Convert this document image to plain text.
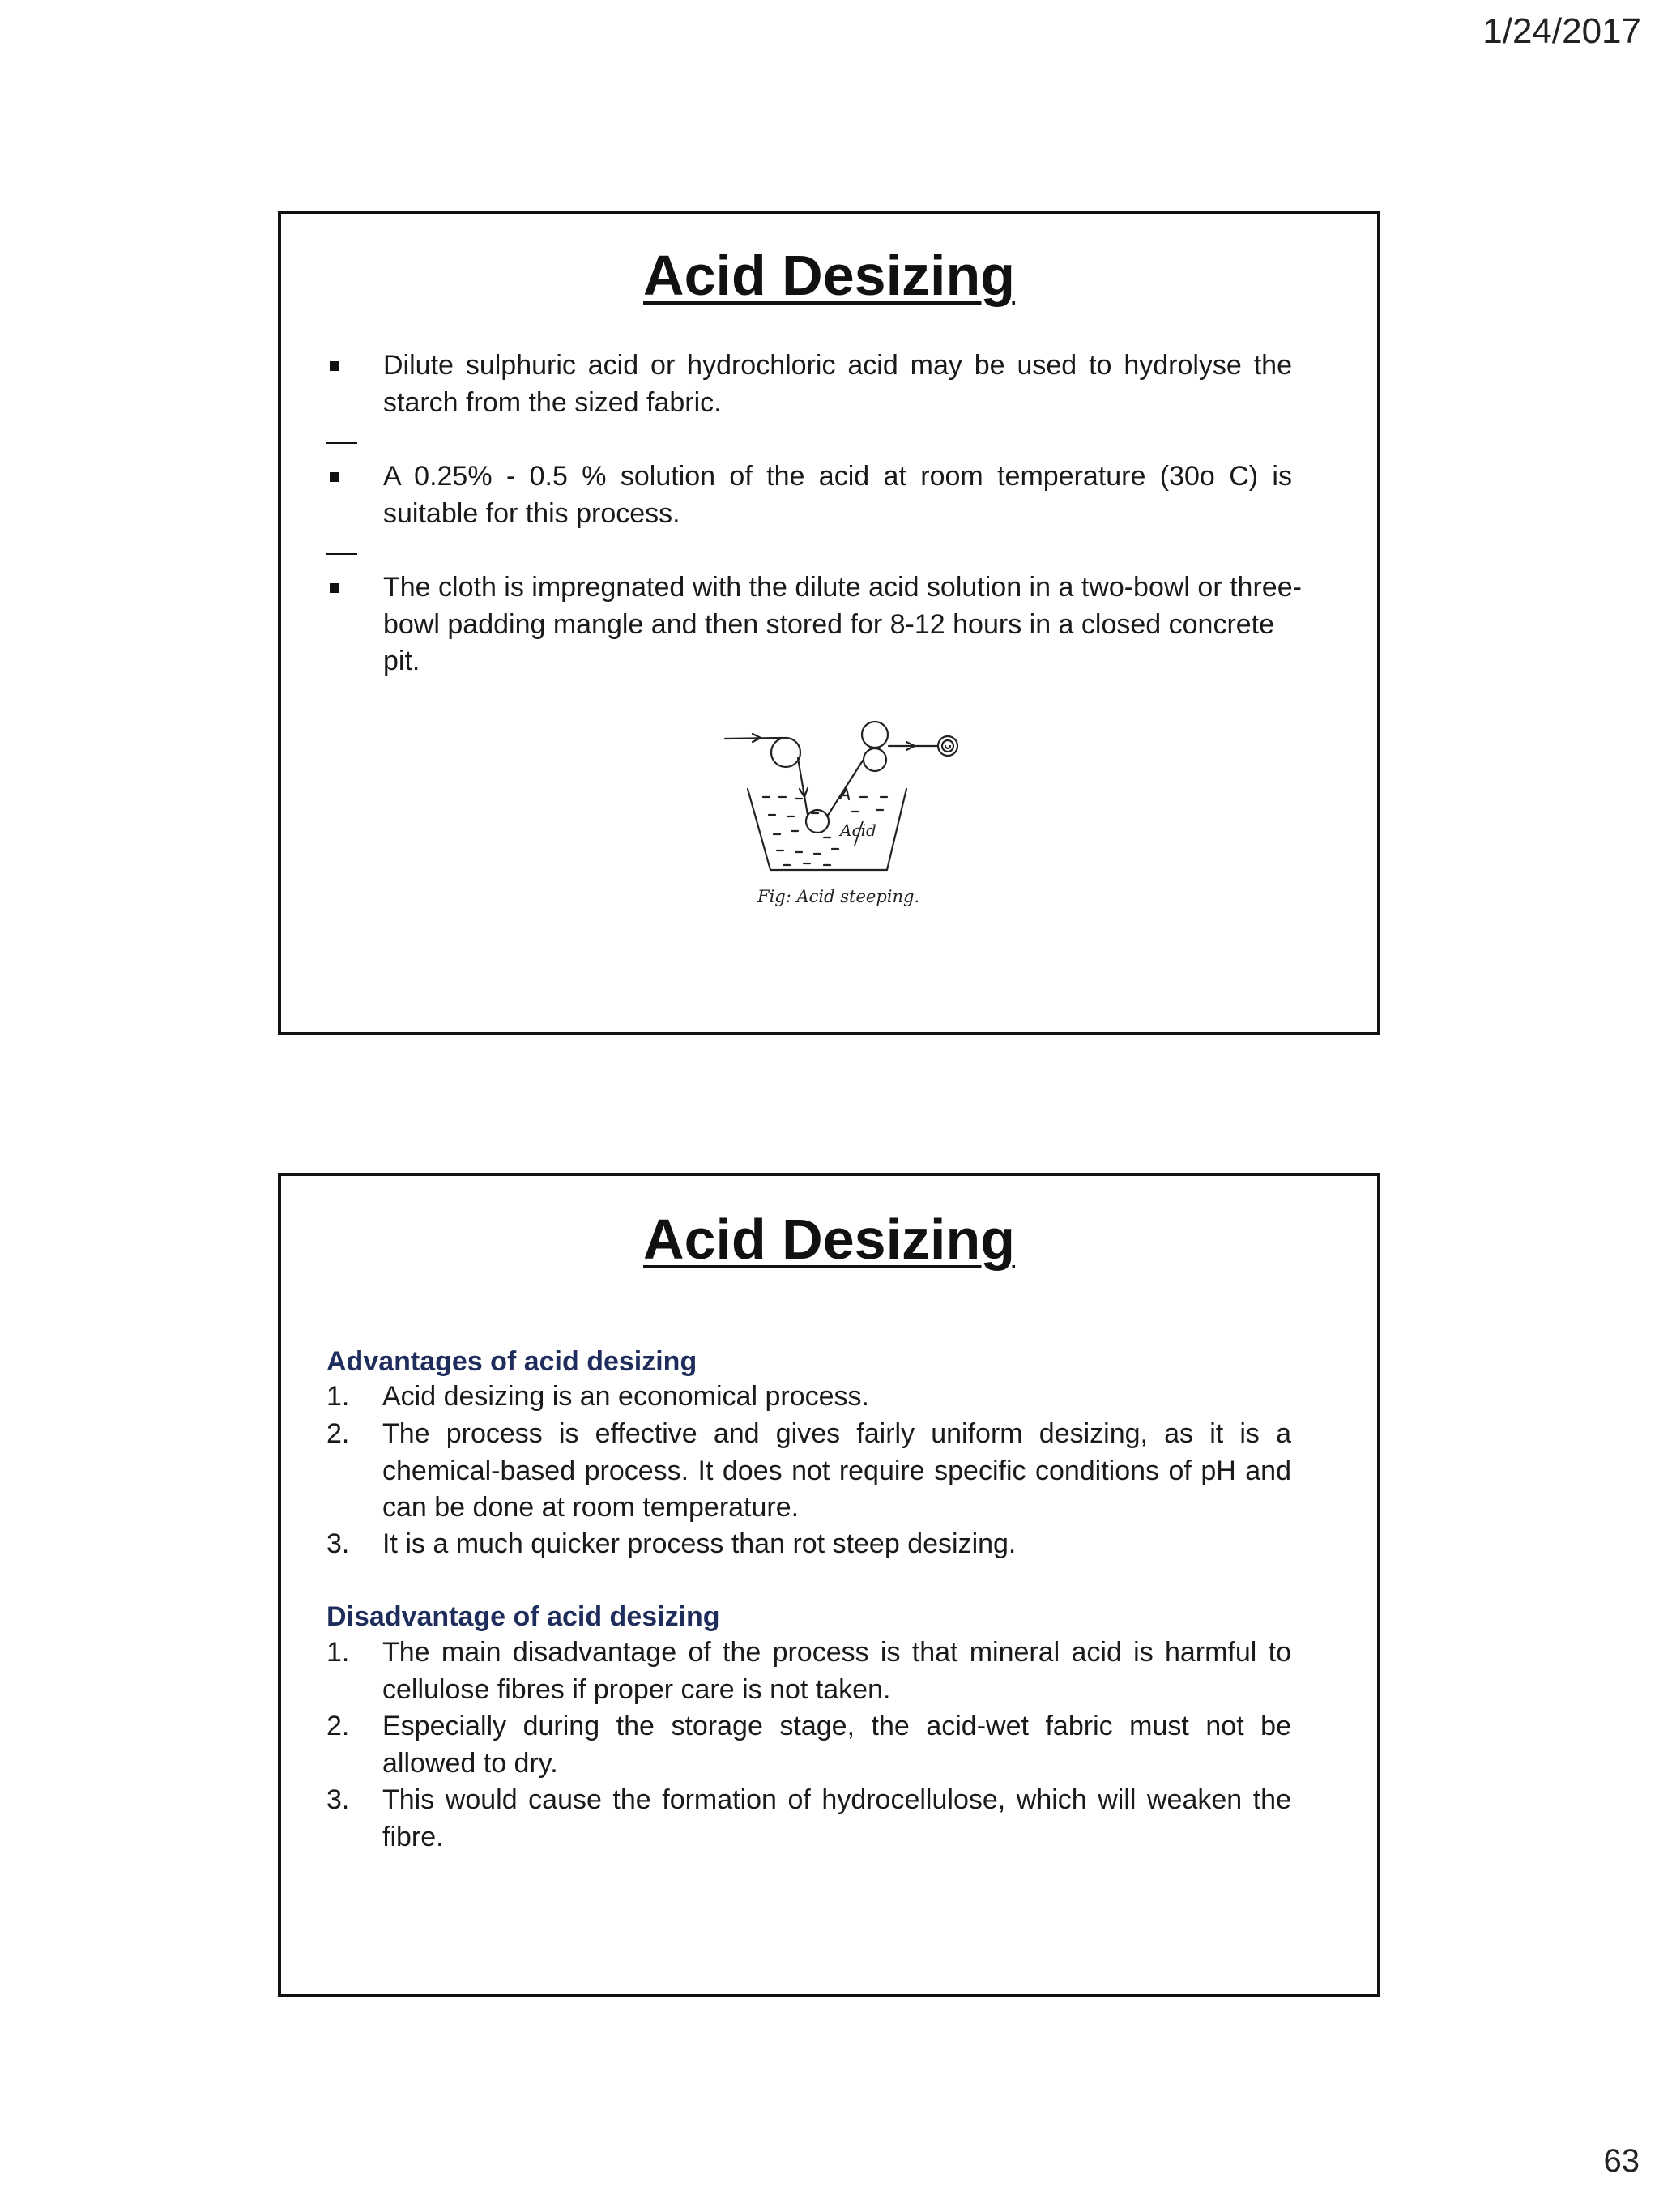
1/24/2017
Acid Desizing
Dilute sulphuric acid or hydrochloric acid may be used to hydrolyse the starch from the sized fabric.
A 0.25% - 0.5 % solution of the acid at room temperature (30o C) is suitable for this process.
The cloth is impregnated with the dilute acid solution in a two-bowl or three-bowl padding mangle and then stored for 8-12 hours in a closed concrete pit.
Acid
Fig: Acid steeping.
Acid Desizing
Advantages of acid desizing
1. Acid desizing is an economical process.
2. The process is effective and gives fairly uniform desizing, as it is a chemical-based process. It does not require specific conditions of pH and can be done at room temperature.
3. It is a much quicker process than rot steep desizing.
Disadvantage of acid desizing
1. The main disadvantage of the process is that mineral acid is harmful to cellulose fibres if proper care is not taken.
2. Especially during the storage stage, the acid-wet fabric must not be allowed to dry.
3. This would cause the formation of hydrocellulose, which will weaken the fibre.
63
